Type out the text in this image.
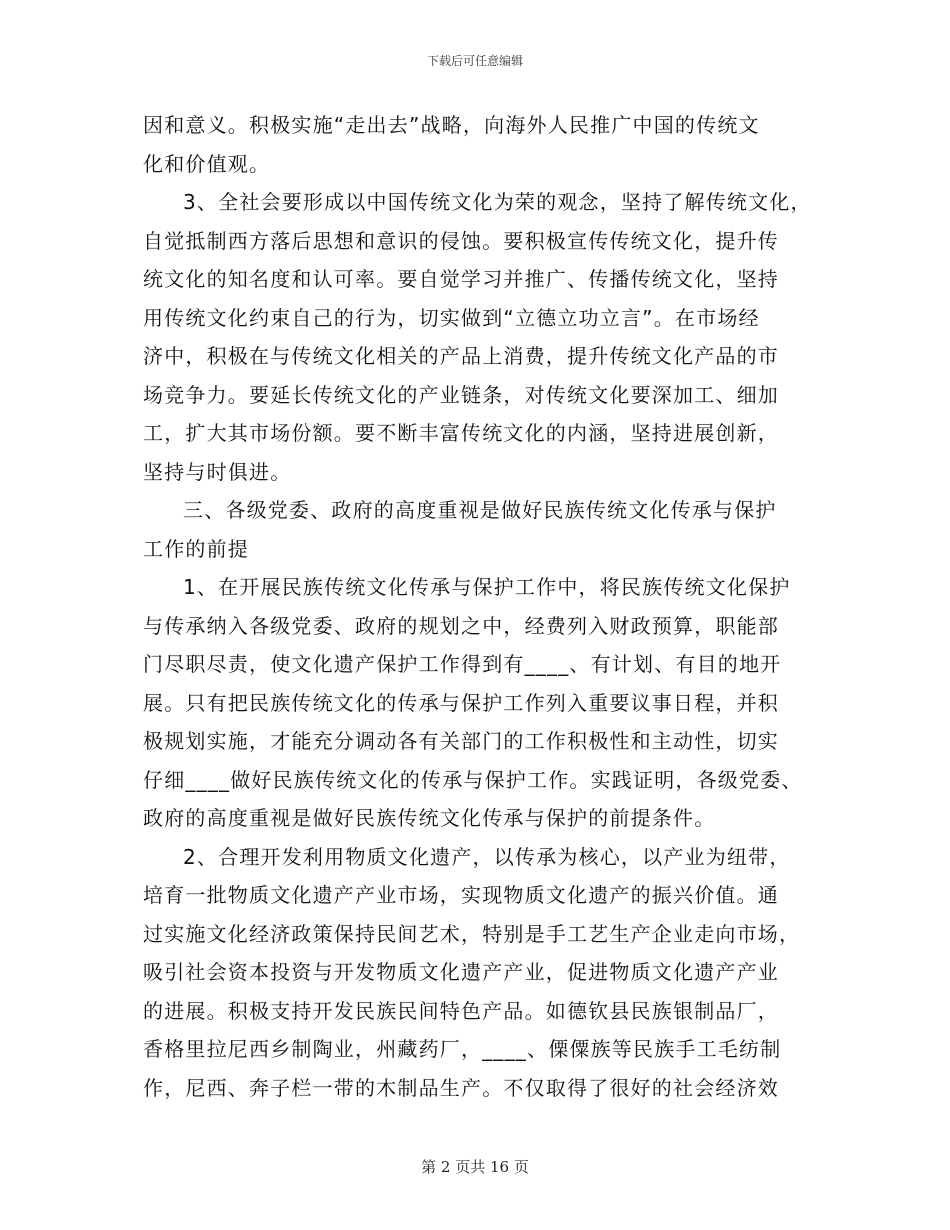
下载后可任意编辑
因和意义。积极实施“走出去”战略，向海外人民推广中国的传统文
化和价值观。
3、全社会要形成以中国传统文化为荣的观念，坚持了解传统文化，
自觉抵制西方落后思想和意识的侵蚀。要积极宣传传统文化，提升传
统文化的知名度和认可率。要自觉学习并推广、传播传统文化，坚持
用传统文化约束自己的行为，切实做到“立德立功立言”。在市场经
济中，积极在与传统文化相关的产品上消费，提升传统文化产品的市
场竞争力。要延长传统文化的产业链条，对传统文化要深加工、细加
工，扩大其市场份额。要不断丰富传统文化的内涵，坚持进展创新，
坚持与时俱进。
三、各级党委、政府的高度重视是做好民族传统文化传承与保护
工作的前提
1、在开展民族传统文化传承与保护工作中，将民族传统文化保护
与传承纳入各级党委、政府的规划之中，经费列入财政预算，职能部
门尽职尽责，使文化遗产保护工作得到有____、有计划、有目的地开
展。只有把民族传统文化的传承与保护工作列入重要议事日程，并积
极规划实施，才能充分调动各有关部门的工作积极性和主动性，切实
仔细____做好民族传统文化的传承与保护工作。实践证明，各级党委、
政府的高度重视是做好民族传统文化传承与保护的前提条件。
2、合理开发利用物质文化遗产，以传承为核心，以产业为纽带，
培育一批物质文化遗产产业市场，实现物质文化遗产的振兴价值。通
过实施文化经济政策保持民间艺术，特别是手工艺生产企业走向市场，
吸引社会资本投资与开发物质文化遗产产业，促进物质文化遗产产业
的进展。积极支持开发民族民间特色产品。如德钦县民族银制品厂，
香格里拉尼西乡制陶业，州藏药厂，____、傈僳族等民族手工毛纺制
作，尼西、奔子栏一带的木制品生产。不仅取得了很好的社会经济效
第 2 页共 16 页
